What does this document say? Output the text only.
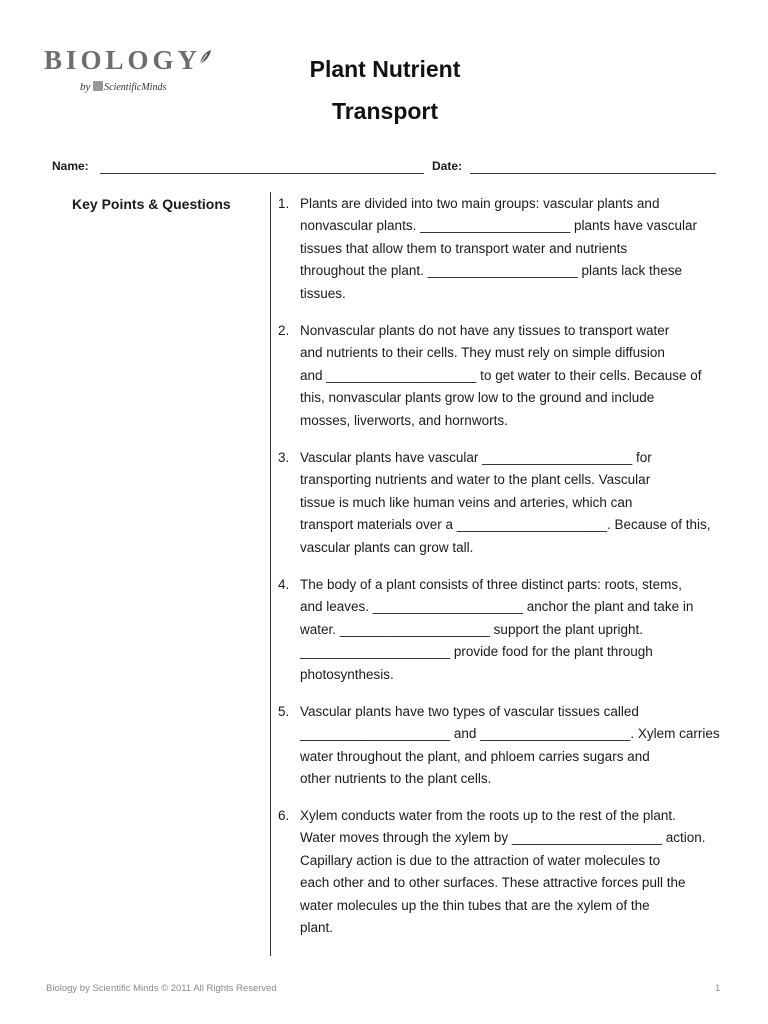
BIOLOGY
by ScientificMinds
Plant Nutrient
Transport
Name:	Date:
Key Points & Questions	1. Plants are divided into two main groups: vascular plants and
nonvascular plants. ____________________ plants have vascular
tissues that allow them to transport water and nutrients
throughout the plant. ____________________ plants lack these
tissues.
2. Nonvascular plants do not have any tissues to transport water
and nutrients to their cells. They must rely on simple diffusion
and ____________________ to get water to their cells. Because of
this, nonvascular plants grow low to the ground and include
mosses, liverworts, and hornworts.
3. Vascular plants have vascular ____________________ for
transporting nutrients and water to the plant cells. Vascular
tissue is much like human veins and arteries, which can
transport materials over a ____________________. Because of this,
vascular plants can grow tall.
4. The body of a plant consists of three distinct parts: roots, stems,
and leaves. ____________________ anchor the plant and take in
water. ____________________ support the plant upright.
____________________ provide food for the plant through
photosynthesis.
5. Vascular plants have two types of vascular tissues called
____________________ and ____________________. Xylem carries
water throughout the plant, and phloem carries sugars and
other nutrients to the plant cells.
6. Xylem conducts water from the roots up to the rest of the plant.
Water moves through the xylem by ____________________ action.
Capillary action is due to the attraction of water molecules to
each other and to other surfaces. These attractive forces pull the
water molecules up the thin tubes that are the xylem of the
plant.
Biology by Scientific Minds © 2011 All Rights Reserved	1
